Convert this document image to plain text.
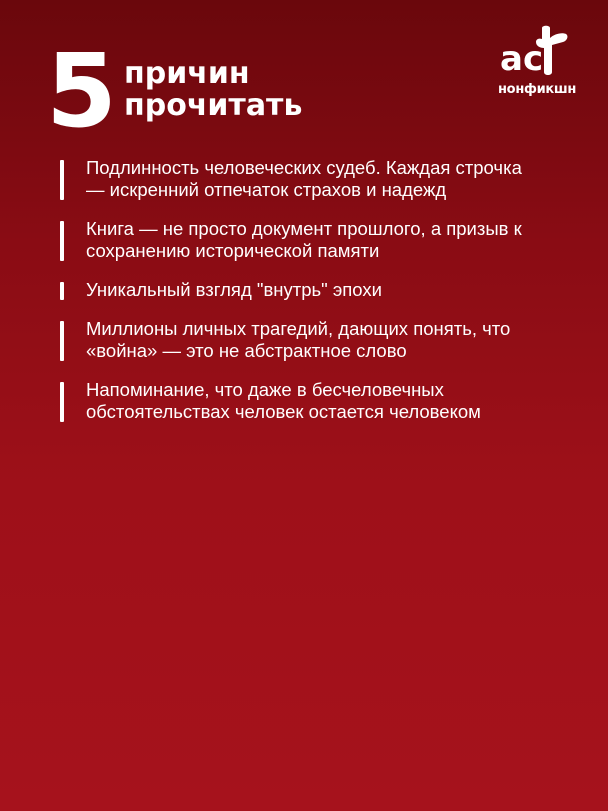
5 причин
прочитать
ac
нонфикшн
Подлинность человеческих судеб. Каждая строчка
— искренний отпечаток страхов и надежд
Книга — не просто документ прошлого, а призыв к
сохранению исторической памяти
Уникальный взгляд "внутрь" эпохи
Миллионы личных трагедий, дающих понять, что
«война» — это не абстрактное слово
Напоминание, что даже в бесчеловечных
обстоятельствах человек остается человеком
